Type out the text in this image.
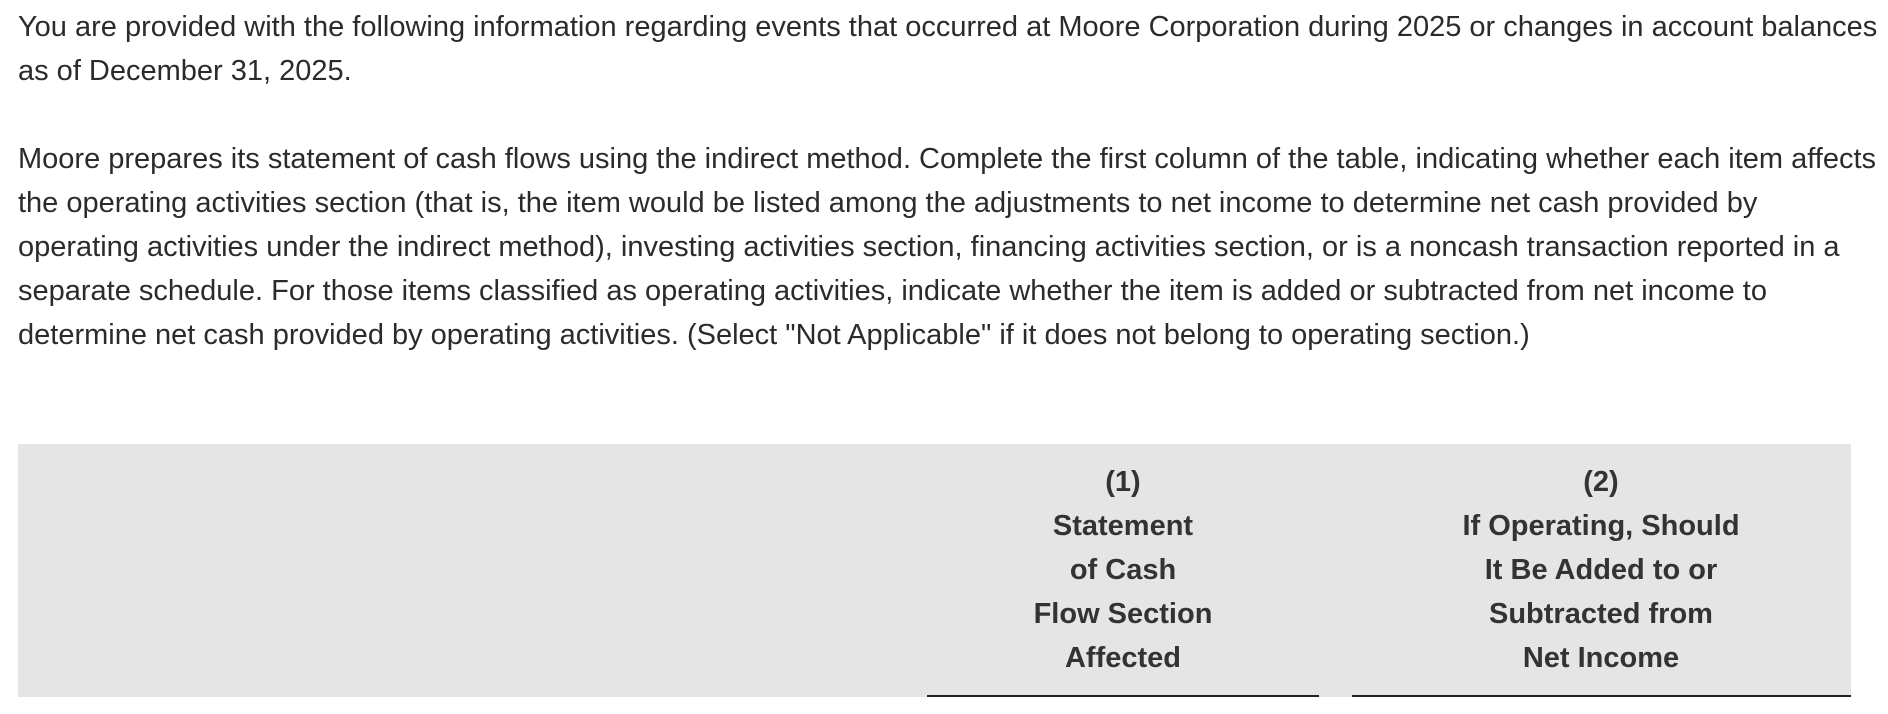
You are provided with the following information regarding events that occurred at Moore Corporation during 2025 or changes in account balances as of December 31, 2025.

Moore prepares its statement of cash flows using the indirect method. Complete the first column of the table, indicating whether each item affects the operating activities section (that is, the item would be listed among the adjustments to net income to determine net cash provided by operating activities under the indirect method), investing activities section, financing activities section, or is a noncash transaction reported in a separate schedule. For those items classified as operating activities, indicate whether the item is added or subtracted from net income to determine net cash provided by operating activities. (Select "Not Applicable" if it does not belong to operating section.)

(1)
Statement
of Cash
Flow Section
Affected
(2)
If Operating, Should
It Be Added to or
Subtracted from
Net Income
